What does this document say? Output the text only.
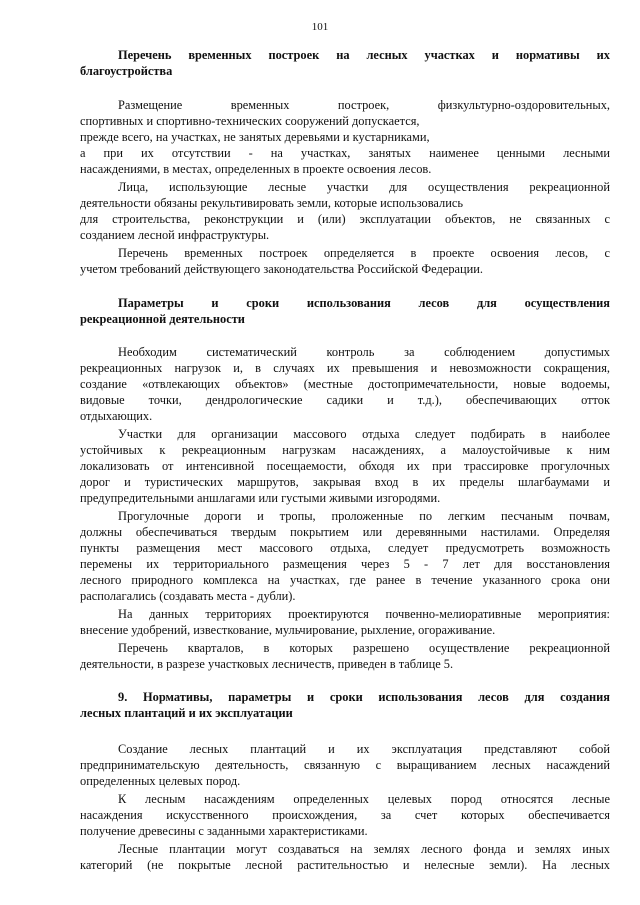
101
Перечень временных построек на лесных участках и нормативы их
благоустройства
Размещение временных построек, физкультурно-оздоровительных,
спортивных и спортивно-технических сооружений допускается,
прежде всего, на участках, не занятых деревьями и кустарниками,
а при их отсутствии - на участках, занятых наименее ценными лесными
насаждениями, в местах, определенных в проекте освоения лесов.
Лица, использующие лесные участки для осуществления рекреационной
деятельности обязаны рекультивировать земли, которые использовались
для строительства, реконструкции и (или) эксплуатации объектов, не связанных с
созданием лесной инфраструктуры.
Перечень временных построек определяется в проекте освоения лесов, с
учетом требований действующего законодательства Российской Федерации.
Параметры и сроки использования лесов для осуществления
рекреационной деятельности
Необходим систематический контроль за соблюдением допустимых
рекреационных нагрузок и, в случаях их превышения и невозможности сокращения,
создание «отвлекающих объектов» (местные достопримечательности, новые водоемы,
видовые точки, дендрологические садики и т.д.), обеспечивающих отток
отдыхающих.
Участки для организации массового отдыха следует подбирать в наиболее
устойчивых к рекреационным нагрузкам насаждениях, а малоустойчивые к ним
локализовать от интенсивной посещаемости, обходя их при трассировке прогулочных
дорог и туристических маршрутов, закрывая вход в их пределы шлагбаумами и
предупредительными аншлагами или густыми живыми изгородями.
Прогулочные дороги и тропы, проложенные по легким песчаным почвам,
должны обеспечиваться твердым покрытием или деревянными настилами. Определяя
пункты размещения мест массового отдыха, следует предусмотреть возможность
перемены их территориального размещения через 5 - 7 лет для восстановления
лесного природного комплекса на участках, где ранее в течение указанного срока они
располагались (создавать места - дубли).
На данных территориях проектируются почвенно-мелиоративные мероприятия:
внесение удобрений, известкование, мульчирование, рыхление, огораживание.
Перечень кварталов, в которых разрешено осуществление рекреационной
деятельности, в разрезе участковых лесничеств, приведен в таблице 5.
9. Нормативы, параметры и сроки использования лесов для создания
лесных плантаций и их эксплуатации
Создание лесных плантаций и их эксплуатация представляют собой
предпринимательскую деятельность, связанную с выращиванием лесных насаждений
определенных целевых пород.
К лесным насаждениям определенных целевых пород относятся лесные
насаждения искусственного происхождения, за счет которых обеспечивается
получение древесины с заданными характеристиками.
Лесные плантации могут создаваться на землях лесного фонда и землях иных
категорий (не покрытые лесной растительностью и нелесные земли). На лесных
